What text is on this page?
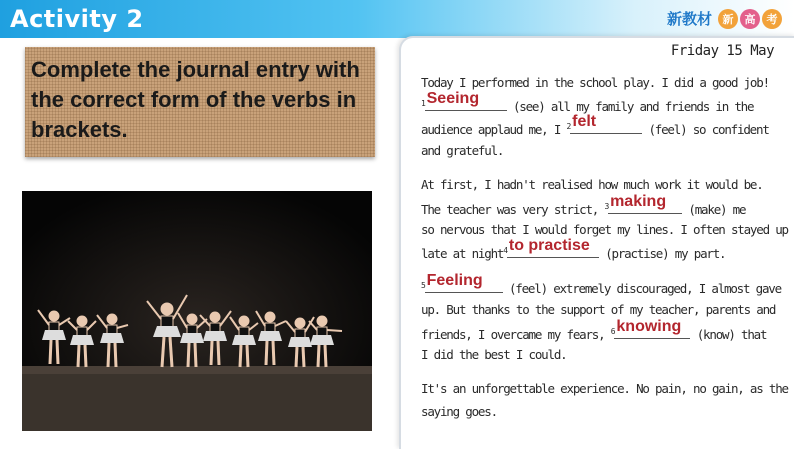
Activity 2	新教材 新	高	考
Complete the journal entry with the correct form of the verbs in brackets.
Friday 15 May
Today I performed in the school play. I did a good job!
$^1$ Seeing	(see) all my family and friends in the
audience applaud me, I $^2$ felt	(feel) so confident
and grateful.
At first, I hadn't realised how much work it would be.
The teacher was very strict, $^3$ making (make) me
so nervous that I would forget my lines. I often stayed up
late at night$^4$ to practise (practise) my part.
$^5$ Feeling (feel) extremely discouraged, I almost gave
up. But thanks to the support of my teacher, parents and
friends, I overcame my fears, $^6$ knowing (know) that
I did the best I could.
It's an unforgettable experience. No pain, no gain, as the
saying goes.
